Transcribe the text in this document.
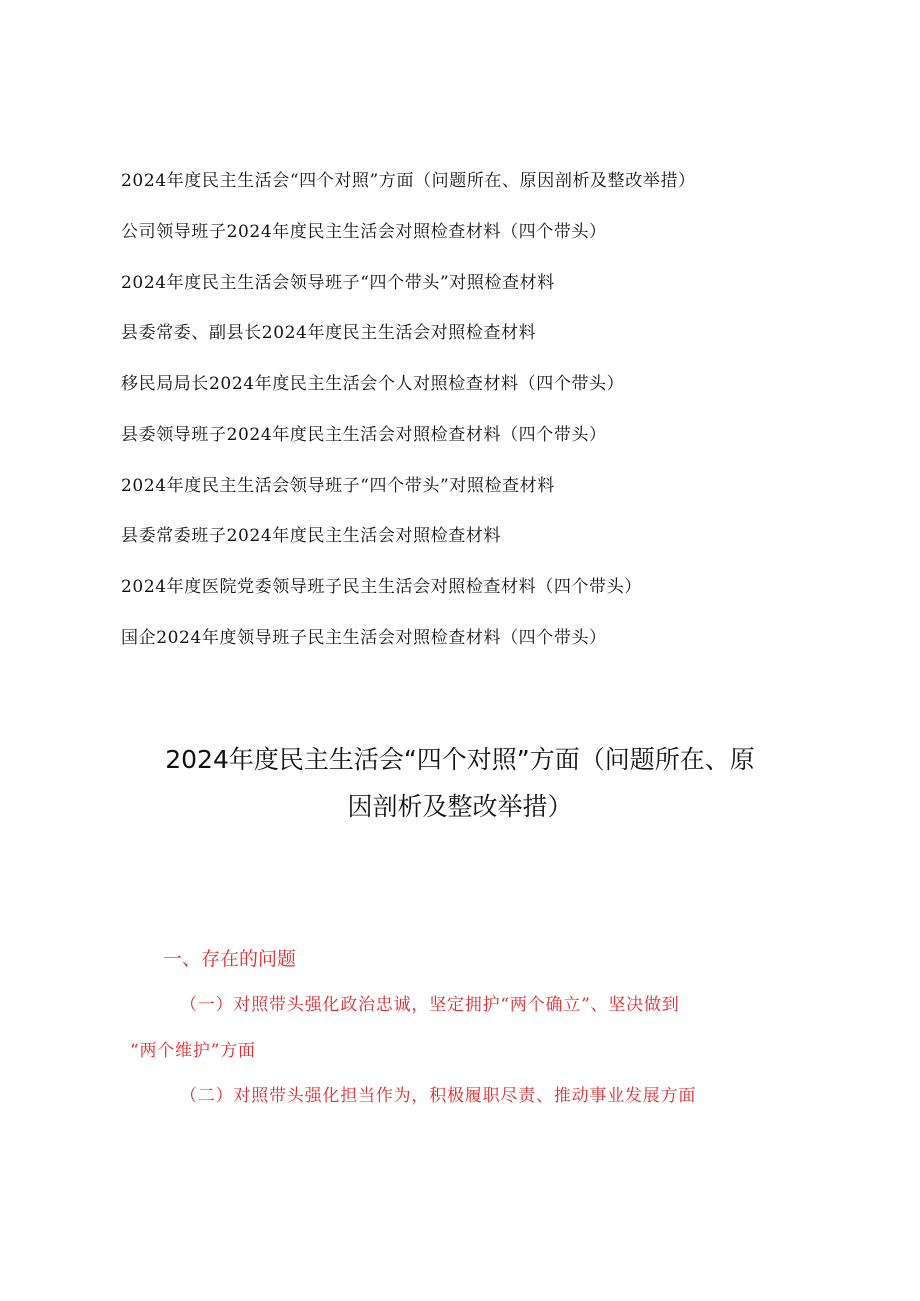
2024年度民主生活会“四个对照”方面（问题所在、原因剖析及整改举措）
公司领导班子2024年度民主生活会对照检查材料（四个带头）
2024年度民主生活会领导班子“四个带头”对照检查材料
县委常委、副县长2024年度民主生活会对照检查材料
移民局局长2024年度民主生活会个人对照检查材料（四个带头）
县委领导班子2024年度民主生活会对照检查材料（四个带头）
2024年度民主生活会领导班子“四个带头”对照检查材料
县委常委班子2024年度民主生活会对照检查材料
2024年度医院党委领导班子民主生活会对照检查材料（四个带头）
国企2024年度领导班子民主生活会对照检查材料（四个带头）
2024年度民主生活会“四个对照”方面（问题所在、原
因剖析及整改举措）
一、存在的问题
（一）对照带头强化政治忠诚，坚定拥护“两个确立”、坚决做到
“两个维护”方面
（二）对照带头强化担当作为，积极履职尽责、推动事业发展方面
